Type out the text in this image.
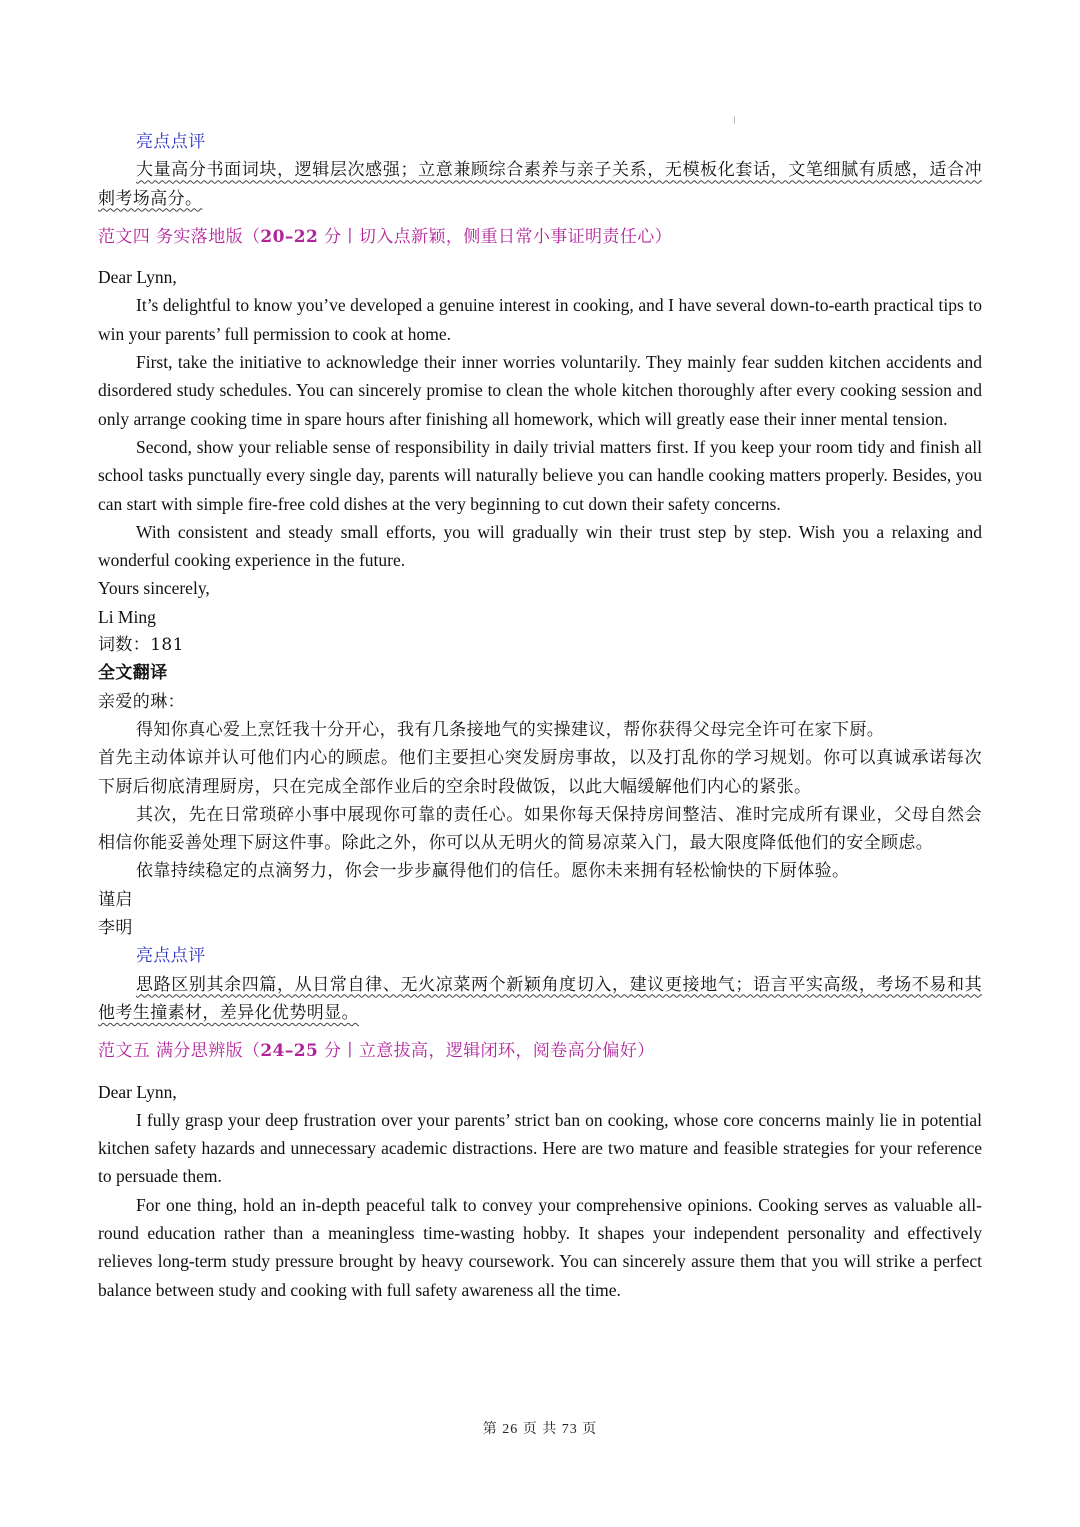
亮点点评

大量高分书面词块，逻辑层次感强；立意兼顾综合素养与亲子关系，无模板化套话，文笔细腻有质感，适合冲刺考场高分。

范文四 务实落地版（20–22 分丨切入点新颖，侧重日常小事证明责任心）

Dear Lynn,

It’s delightful to know you’ve developed a genuine interest in cooking, and I have several down-to-earth practical tips to win your parents’ full permission to cook at home.

First, take the initiative to acknowledge their inner worries voluntarily. They mainly fear sudden kitchen accidents and disordered study schedules. You can sincerely promise to clean the whole kitchen thoroughly after every cooking session and only arrange cooking time in spare hours after finishing all homework, which will greatly ease their inner mental tension.

Second, show your reliable sense of responsibility in daily trivial matters first. If you keep your room tidy and finish all school tasks punctually every single day, parents will naturally believe you can handle cooking matters properly. Besides, you can start with simple fire-free cold dishes at the very beginning to cut down their safety concerns.

With consistent and steady small efforts, you will gradually win their trust step by step. Wish you a relaxing and wonderful cooking experience in the future.

Yours sincerely,

Li Ming

词数：181

全文翻译

亲爱的琳：

得知你真心爱上烹饪我十分开心，我有几条接地气的实操建议，帮你获得父母完全许可在家下厨。

首先主动体谅并认可他们内心的顾虑。他们主要担心突发厨房事故，以及打乱你的学习规划。你可以真诚承诺每次下厨后彻底清理厨房，只在完成全部作业后的空余时段做饭，以此大幅缓解他们内心的紧张。

其次，先在日常琐碎小事中展现你可靠的责任心。如果你每天保持房间整洁、准时完成所有课业，父母自然会相信你能妥善处理下厨这件事。除此之外，你可以从无明火的简易凉菜入门，最大限度降低他们的安全顾虑。

依靠持续稳定的点滴努力，你会一步步赢得他们的信任。愿你未来拥有轻松愉快的下厨体验。

谨启

李明

亮点点评

思路区别其余四篇，从日常自律、无火凉菜两个新颖角度切入，建议更接地气；语言平实高级，考场不易和其他考生撞素材，差异化优势明显。

范文五 满分思辨版（24–25 分丨立意拔高，逻辑闭环，阅卷高分偏好）

Dear Lynn,

I fully grasp your deep frustration over your parents’ strict ban on cooking, whose core concerns mainly lie in potential kitchen safety hazards and unnecessary academic distractions. Here are two mature and feasible strategies for your reference to persuade them.

For one thing, hold an in-depth peaceful talk to convey your comprehensive opinions. Cooking serves as valuable all-round education rather than a meaningless time-wasting hobby. It shapes your independent personality and effectively relieves long-term study pressure brought by heavy coursework. You can sincerely assure them that you will strike a perfect balance between study and cooking with full safety awareness all the time.

第 26 页 共 73 页
